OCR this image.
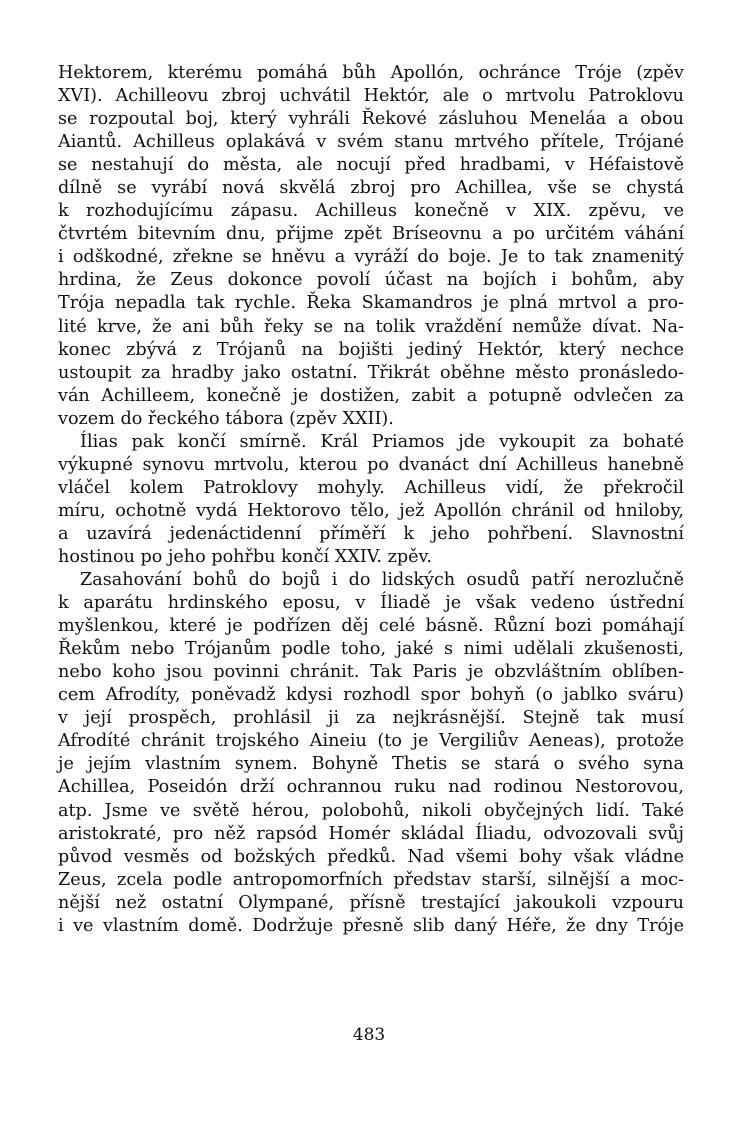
Hektorem, kterému pomáhá bůh Apollón, ochránce Tróje (zpěv
XVI). Achilleovu zbroj uchvátil Hektór, ale o mrtvolu Patroklovu
se rozpoutal boj, který vyhráli Řekové zásluhou Meneláa a obou
Aiantů. Achilleus oplakává v svém stanu mrtvého přítele, Trójané
se nestahují do města, ale nocují před hradbami, v Héfaistově
dílně se vyrábí nová skvělá zbroj pro Achillea, vše se chystá
k rozhodujícímu zápasu. Achilleus konečně v XIX. zpěvu, ve
čtvrtém bitevním dnu, přijme zpět Bríseovnu a po určitém váhání
i odškodné, zřekne se hněvu a vyráží do boje. Je to tak znamenitý
hrdina, že Zeus dokonce povolí účast na bojích i bohům, aby
Trója nepadla tak rychle. Řeka Skamandros je plná mrtvol a pro-
lité krve, že ani bůh řeky se na tolik vraždění nemůže dívat. Na-
konec zbývá z Trójanů na bojišti jediný Hektór, který nechce
ustoupit za hradby jako ostatní. Třikrát oběhne město pronásledo-
ván Achilleem, konečně je dostižen, zabit a potupně odvlečen za
vozem do řeckého tábora (zpěv XXII).
Ílias pak končí smírně. Král Priamos jde vykoupit za bohaté
výkupné synovu mrtvolu, kterou po dvanáct dní Achilleus hanebně
vláčel kolem Patroklovy mohyly. Achilleus vidí, že překročil
míru, ochotně vydá Hektorovo tělo, jež Apollón chránil od hniloby,
a uzavírá jedenáctidenní příměří k jeho pohřbení. Slavnostní
hostinou po jeho pohřbu končí XXIV. zpěv.
Zasahování bohů do bojů i do lidských osudů patří nerozlučně
k aparátu hrdinského eposu, v Íliadě je však vedeno ústřední
myšlenkou, které je podřízen děj celé básně. Různí bozi pomáhají
Řekům nebo Trójanům podle toho, jaké s nimi udělali zkušenosti,
nebo koho jsou povinni chránit. Tak Paris je obzvláštním oblíben-
cem Afrodíty, poněvadž kdysi rozhodl spor bohyň (o jablko sváru)
v její prospěch, prohlásil ji za nejkrásnější. Stejně tak musí
Afrodíté chránit trojského Aineiu (to je Vergiliův Aeneas), protože
je jejím vlastním synem. Bohyně Thetis se stará o svého syna
Achillea, Poseidón drží ochrannou ruku nad rodinou Nestorovou,
atp. Jsme ve světě hérou, polobohů, nikoli obyčejných lidí. Také
aristokraté, pro něž rapsód Homér skládal Íliadu, odvozovali svůj
původ vesměs od božských předků. Nad všemi bohy však vládne
Zeus, zcela podle antropomorfních představ starší, silnější a moc-
nější než ostatní Olympané, přísně trestající jakoukoli vzpouru
i ve vlastním domě. Dodržuje přesně slib daný Héře, že dny Tróje
483
